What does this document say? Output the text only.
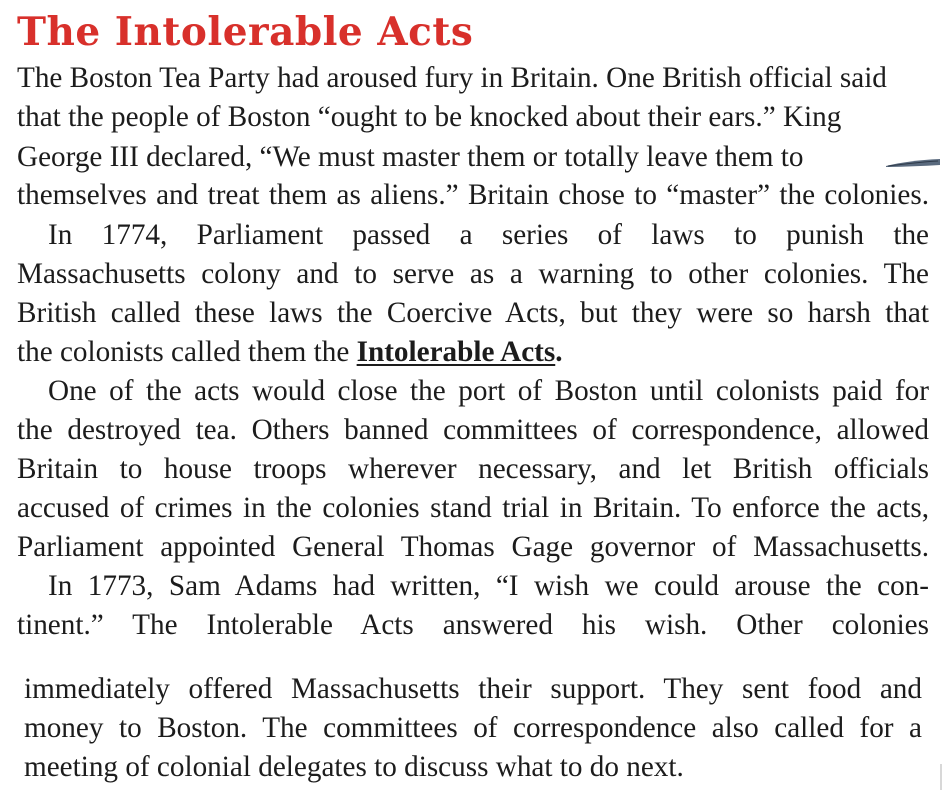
The Intolerable Acts
The Boston Tea Party had aroused fury in Britain. One British official said
that the people of Boston “ought to be knocked about their ears.” King
George III declared, “We must master them or totally leave them to
themselves and treat them as aliens.” Britain chose to “master” the colonies.
In 1774, Parliament passed a series of laws to punish the
Massachusetts colony and to serve as a warning to other colonies. The
British called these laws the Coercive Acts, but they were so harsh that
the colonists called them the Intolerable Acts.
One of the acts would close the port of Boston until colonists paid for
the destroyed tea. Others banned committees of correspondence, allowed
Britain to house troops wherever necessary, and let British officials
accused of crimes in the colonies stand trial in Britain. To enforce the acts,
Parliament appointed General Thomas Gage governor of Massachusetts.
In 1773, Sam Adams had written, “I wish we could arouse the con-
tinent.” The Intolerable Acts answered his wish. Other colonies
immediately offered Massachusetts their support. They sent food and
money to Boston. The committees of correspondence also called for a
meeting of colonial delegates to discuss what to do next.
